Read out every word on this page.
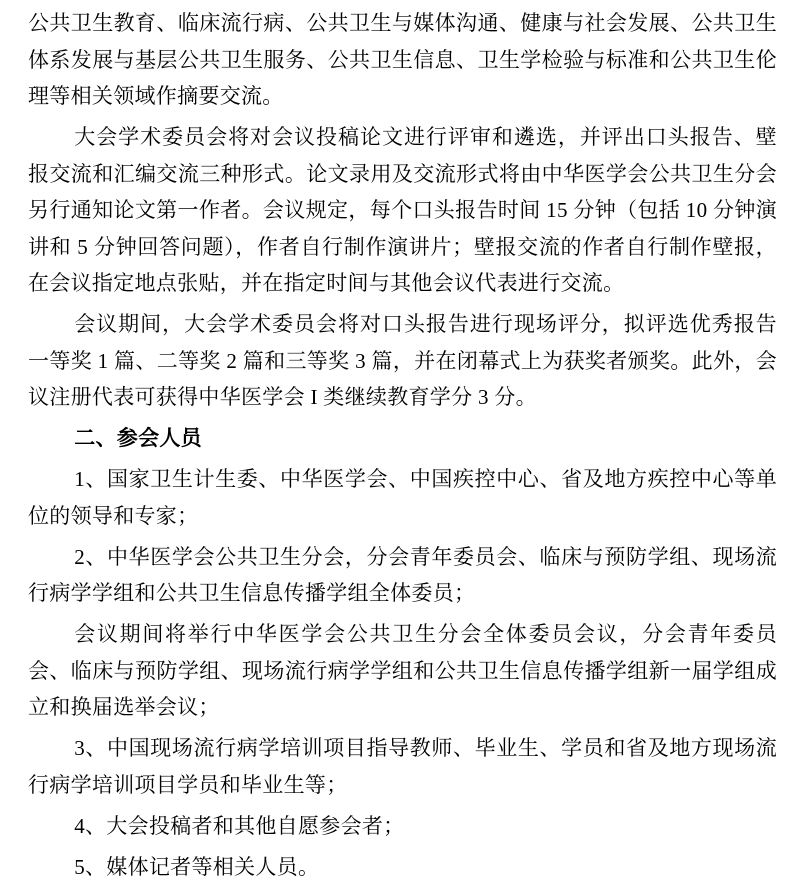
公共卫生教育、临床流行病、公共卫生与媒体沟通、健康与社会发展、公共卫生体系发展与基层公共卫生服务、公共卫生信息、卫生学检验与标准和公共卫生伦理等相关领域作摘要交流。

大会学术委员会将对会议投稿论文进行评审和遴选，并评出口头报告、壁报交流和汇编交流三种形式。论文录用及交流形式将由中华医学会公共卫生分会另行通知论文第一作者。会议规定，每个口头报告时间 15 分钟（包括 10 分钟演讲和 5 分钟回答问题），作者自行制作演讲片；壁报交流的作者自行制作壁报，在会议指定地点张贴，并在指定时间与其他会议代表进行交流。

会议期间，大会学术委员会将对口头报告进行现场评分，拟评选优秀报告一等奖 1 篇、二等奖 2 篇和三等奖 3 篇，并在闭幕式上为获奖者颁奖。此外，会议注册代表可获得中华医学会 I 类继续教育学分 3 分。

二、参会人员

1、国家卫生计生委、中华医学会、中国疾控中心、省及地方疾控中心等单位的领导和专家；

2、中华医学会公共卫生分会，分会青年委员会、临床与预防学组、现场流行病学学组和公共卫生信息传播学组全体委员；

会议期间将举行中华医学会公共卫生分会全体委员会议，分会青年委员会、临床与预防学组、现场流行病学学组和公共卫生信息传播学组新一届学组成立和换届选举会议；

3、中国现场流行病学培训项目指导教师、毕业生、学员和省及地方现场流行病学培训项目学员和毕业生等；

4、大会投稿者和其他自愿参会者；

5、媒体记者等相关人员。
